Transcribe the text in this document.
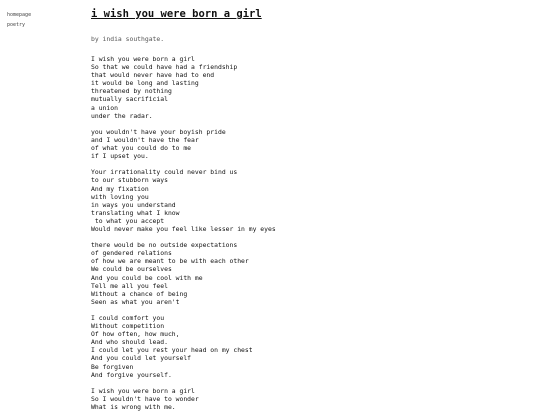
homepage
poetry
i wish you were born a girl
by india southgate.
I wish you were born a girl
So that we could have had a friendship
that would never have had to end
it would be long and lasting
threatened by nothing
mutually sacrificial
a union
under the radar.
you wouldn't have your boyish pride
and I wouldn't have the fear
of what you could do to me
if I upset you.
Your irrationality could never bind us
to our stubborn ways
And my fixation
with loving you
in ways you understand
translating what I know
to what you accept
Would never make you feel like lesser in my eyes
there would be no outside expectations
of gendered relations
of how we are meant to be with each other
We could be ourselves
And you could be cool with me
Tell me all you feel
Without a chance of being
Seen as what you aren't
I could comfort you
Without competition
Of how often, how much,
And who should lead.
I could let you rest your head on my chest
And you could let yourself
Be forgiven
And forgive yourself.
I wish you were born a girl
So I wouldn't have to wonder
What is wrong with me.
